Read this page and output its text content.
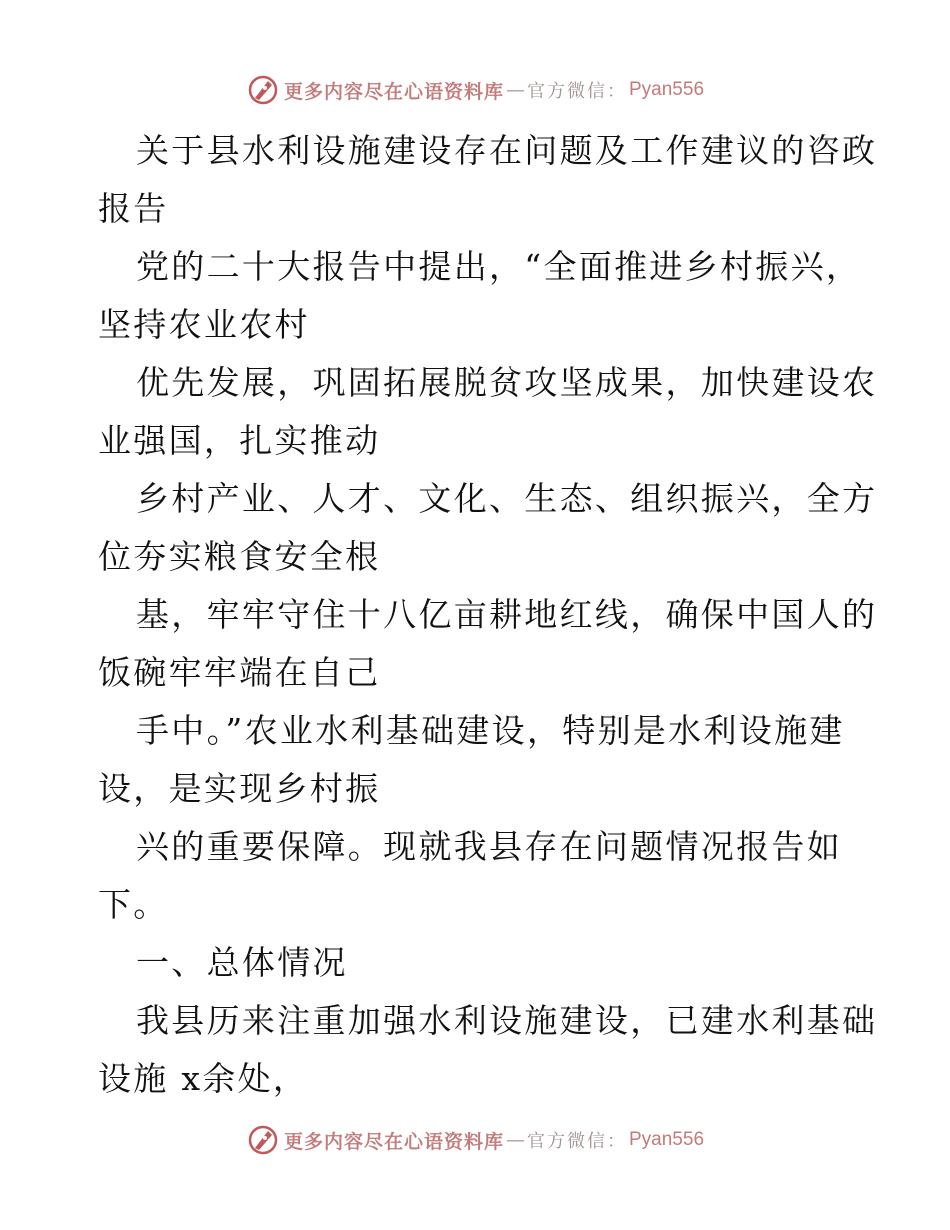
更多内容尽在心语资料库 — 官方微信： Pyan556
关于县水利设施建设存在问题及工作建议的咨政
报告
党的二十大报告中提出，“全面推进乡村振兴，
坚持农业农村
优先发展，巩固拓展脱贫攻坚成果，加快建设农
业强国，扎实推动
乡村产业、人才、文化、生态、组织振兴，全方
位夯实粮食安全根
基，牢牢守住十八亿亩耕地红线，确保中国人的
饭碗牢牢端在自己
手中。”农业水利基础建设，特别是水利设施建
设，是实现乡村振
兴的重要保障。现就我县存在问题情况报告如
下。
一、总体情况
我县历来注重加强水利设施建设，已建水利基础
设施 x余处，
更多内容尽在心语资料库 — 官方微信： Pyan556
